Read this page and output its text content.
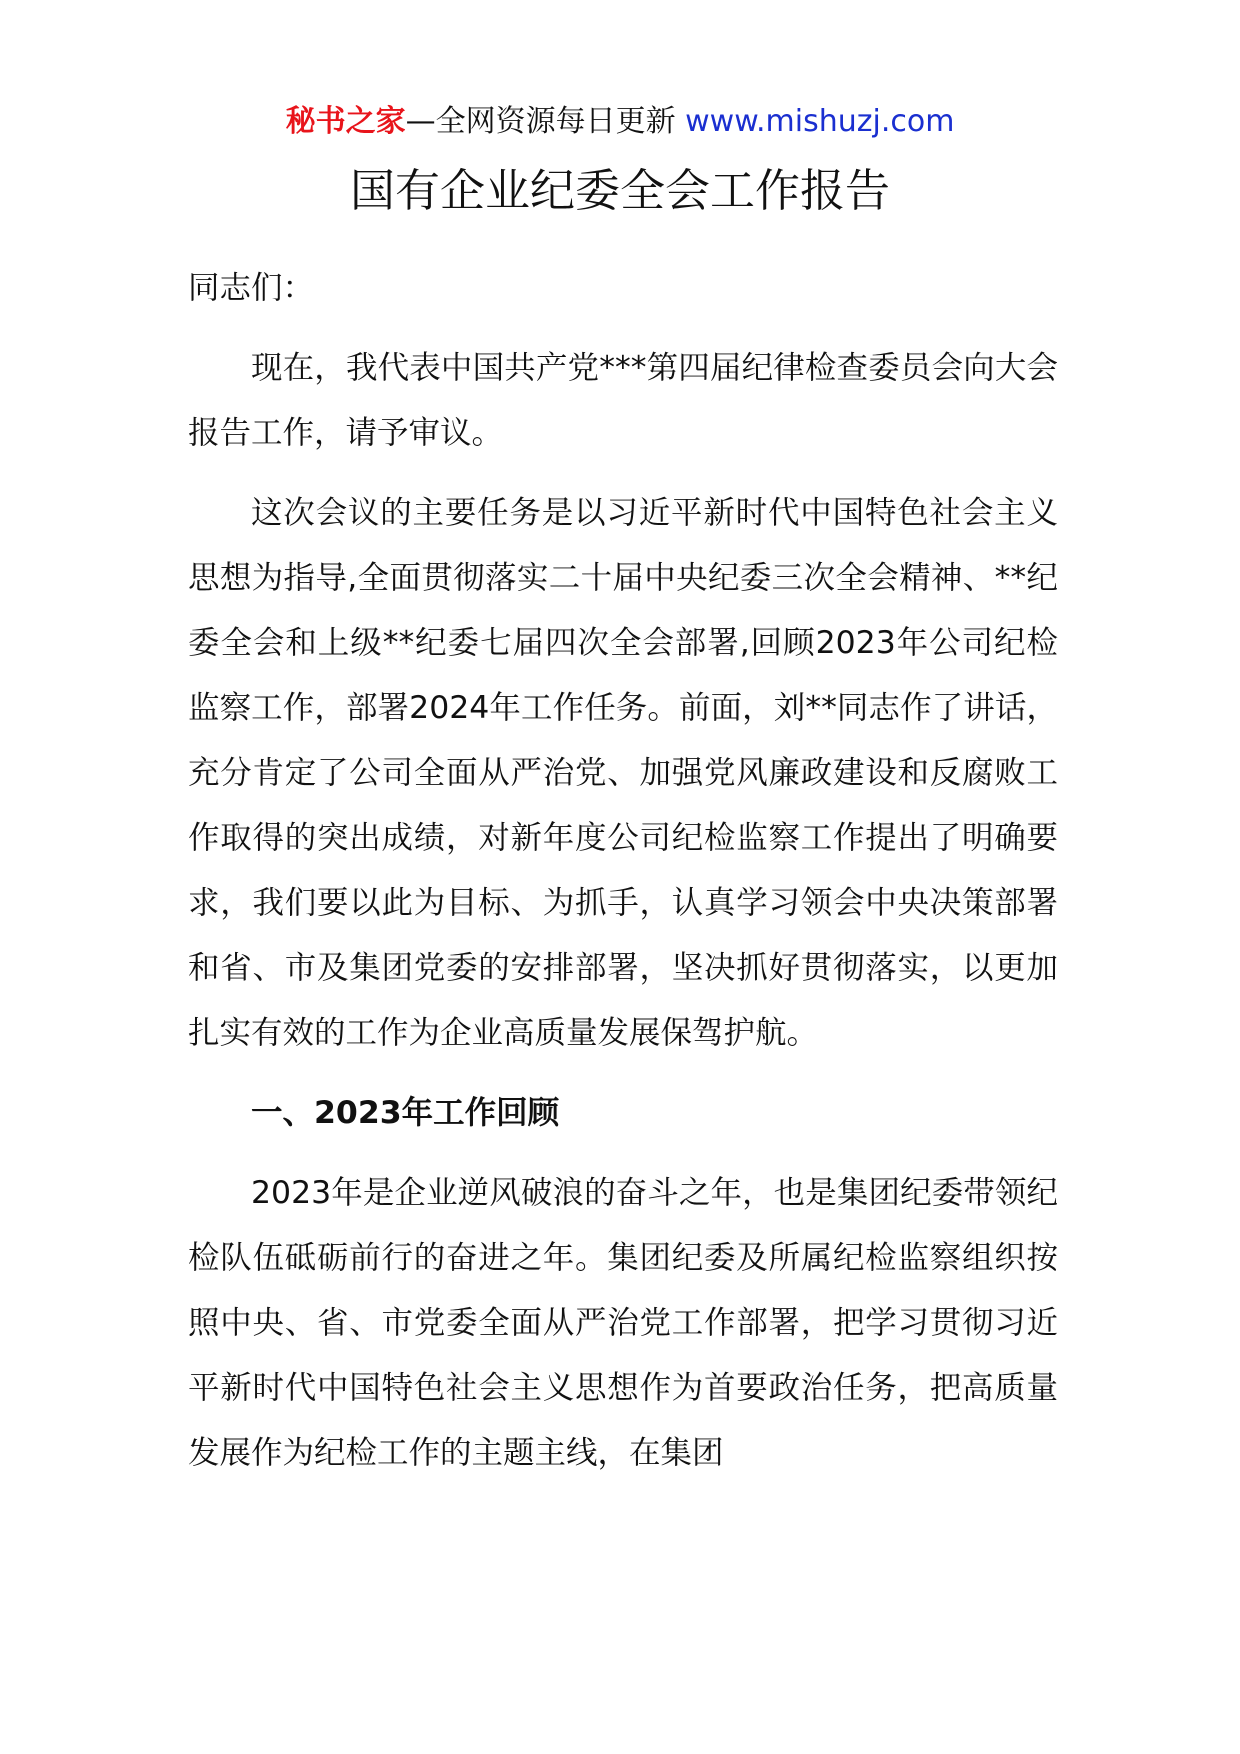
秘书之家—全网资源每日更新 www.mishuzj.com
国有企业纪委全会工作报告

同志们：

现在，我代表中国共产党***第四届纪律检查委员会向大会报告工作，请予审议。

这次会议的主要任务是以习近平新时代中国特色社会主义思想为指导,全面贯彻落实二十届中央纪委三次全会精神、**纪委全会和上级**纪委七届四次全会部署,回顾2023年公司纪检监察工作，部署2024年工作任务。前面，刘**同志作了讲话，充分肯定了公司全面从严治党、加强党风廉政建设和反腐败工作取得的突出成绩，对新年度公司纪检监察工作提出了明确要求，我们要以此为目标、为抓手，认真学习领会中央决策部署和省、市及集团党委的安排部署，坚决抓好贯彻落实，以更加扎实有效的工作为企业高质量发展保驾护航。

一、2023年工作回顾

2023年是企业逆风破浪的奋斗之年，也是集团纪委带领纪检队伍砥砺前行的奋进之年。集团纪委及所属纪检监察组织按照中央、省、市党委全面从严治党工作部署，把学习贯彻习近平新时代中国特色社会主义思想作为首要政治任务，把高质量发展作为纪检工作的主题主线，在集团
